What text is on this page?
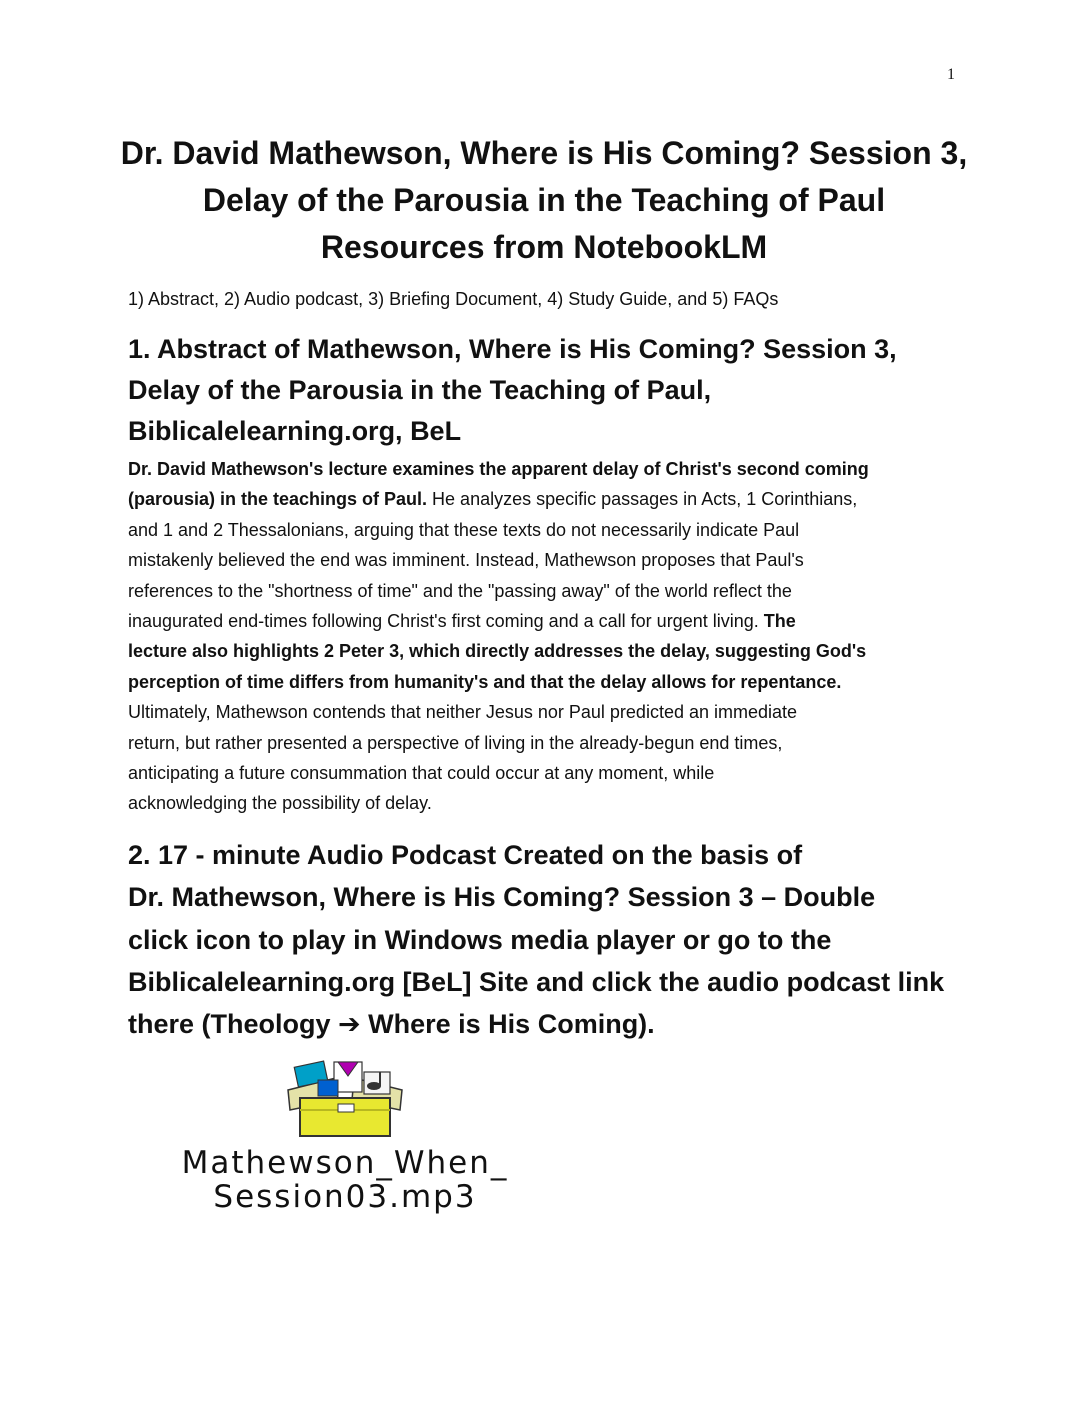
1
Dr. David Mathewson, Where is His Coming? Session 3,
Delay of the Parousia in the Teaching of Paul
Resources from NotebookLM
1) Abstract, 2) Audio podcast, 3) Briefing Document, 4) Study Guide, and 5) FAQs
1. Abstract of Mathewson, Where is His Coming? Session 3,
Delay of the Parousia in the Teaching of Paul,
Biblicalelearning.org, BeL
Dr. David Mathewson's lecture examines the apparent delay of Christ's second coming
(parousia) in the teachings of Paul. He analyzes specific passages in Acts, 1 Corinthians,
and 1 and 2 Thessalonians, arguing that these texts do not necessarily indicate Paul
mistakenly believed the end was imminent. Instead, Mathewson proposes that Paul's
references to the "shortness of time" and the "passing away" of the world reflect the
inaugurated end-times following Christ's first coming and a call for urgent living. The
lecture also highlights 2 Peter 3, which directly addresses the delay, suggesting God's
perception of time differs from humanity's and that the delay allows for repentance.
Ultimately, Mathewson contends that neither Jesus nor Paul predicted an immediate
return, but rather presented a perspective of living in the already-begun end times,
anticipating a future consummation that could occur at any moment, while
acknowledging the possibility of delay.
2. 17 - minute Audio Podcast Created on the basis of
Dr. Mathewson, Where is His Coming? Session 3 – Double
click icon to play in Windows media player or go to the
Biblicalelearning.org [BeL] Site and click the audio podcast link
there (Theology ➔ Where is His Coming).
Mathewson_When_
Session03.mp3
